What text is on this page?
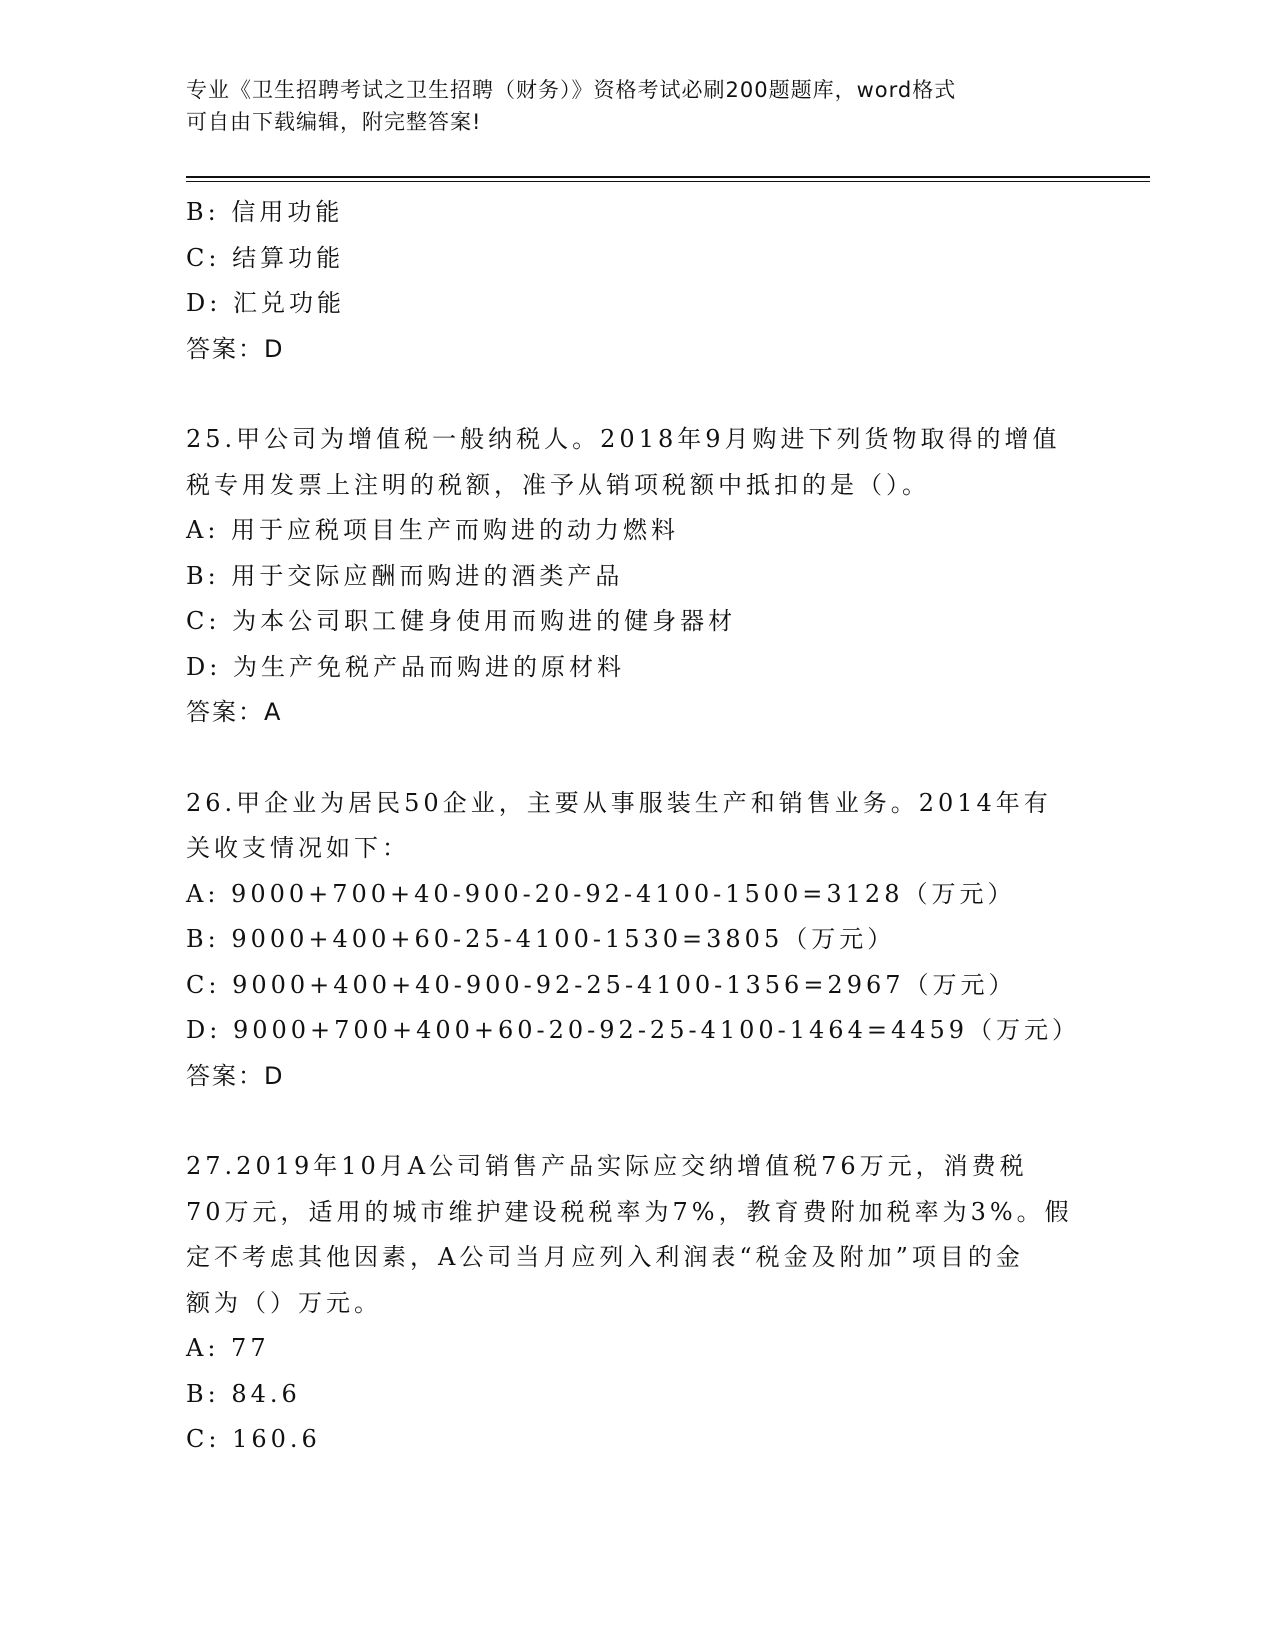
专业《卫生招聘考试之卫生招聘（财务）》资格考试必刷200题题库，word格式
可自由下载编辑，附完整答案!
B: 信用功能
C: 结算功能
D: 汇兑功能
答案：D
25.甲公司为增值税一般纳税人。2018年9月购进下列货物取得的增值
税专用发票上注明的税额，准予从销项税额中抵扣的是（）。
A: 用于应税项目生产而购进的动力燃料
B: 用于交际应酬而购进的酒类产品
C: 为本公司职工健身使用而购进的健身器材
D: 为生产免税产品而购进的原材料
答案：A
26.甲企业为居民50企业，主要从事服装生产和销售业务。2014年有
关收支情况如下：
A: 9000+700+40-900-20-92-4100-1500=3128（万元）
B: 9000+400+60-25-4100-1530=3805（万元）
C: 9000+400+40-900-92-25-4100-1356=2967（万元）
D: 9000+700+400+60-20-92-25-4100-1464=4459（万元）
答案：D
27.2019年10月A公司销售产品实际应交纳增值税76万元，消费税
70万元，适用的城市维护建设税税率为7%，教育费附加税率为3%。假
定不考虑其他因素，A公司当月应列入利润表“税金及附加”项目的金
额为（）万元。
A: 77
B: 84.6
C: 160.6
